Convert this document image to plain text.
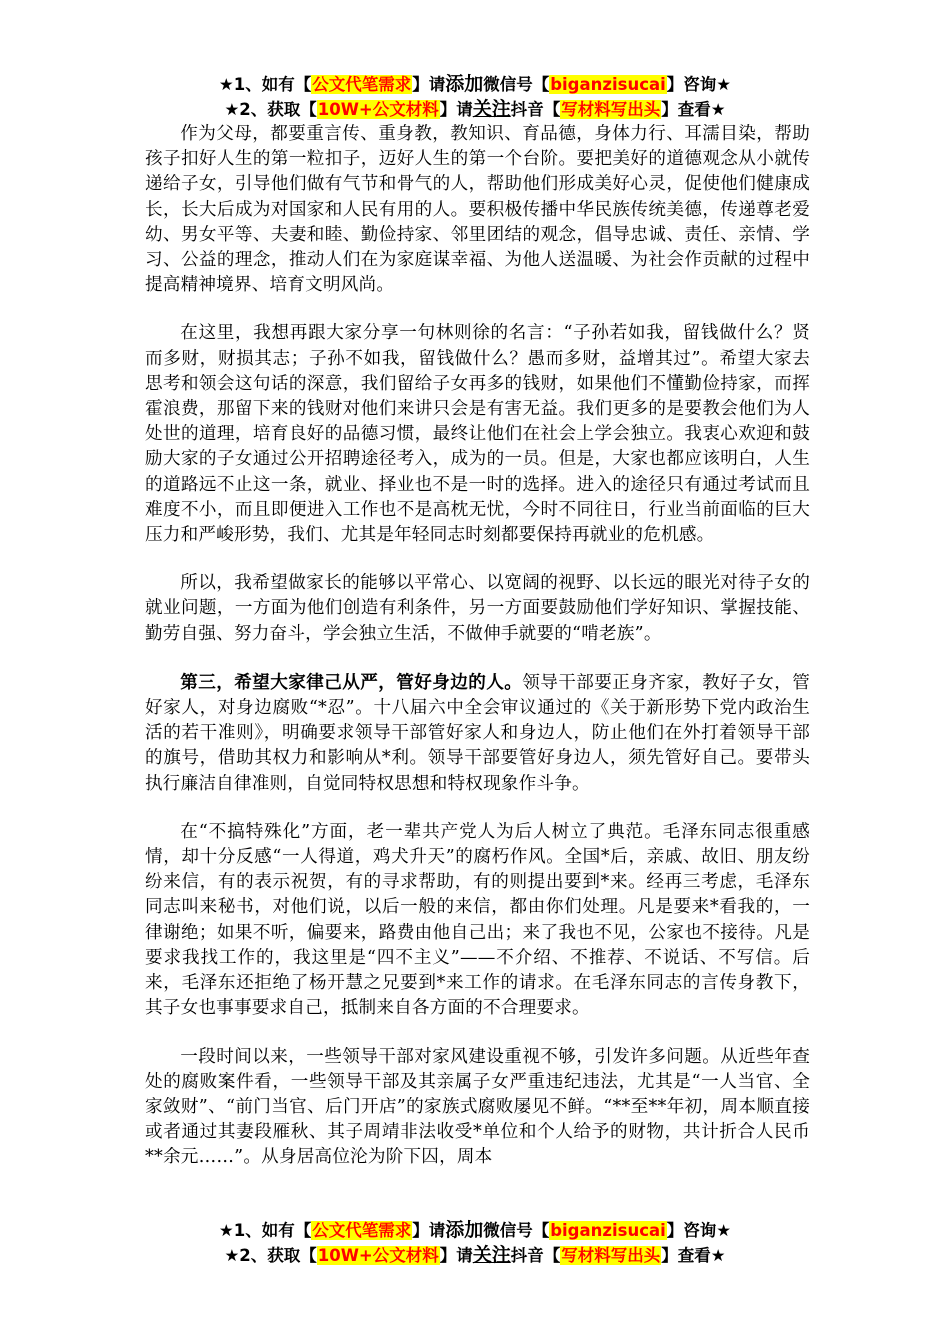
★1、如有【公文代笔需求】请添加微信号【biganzisucai】咨询★
★2、获取【10W+公文材料】请关注抖音【写材料写出头】查看★

作为父母，都要重言传、重身教，教知识、育品德，身体力行、耳濡目染，帮助孩子扣好人生的第一粒扣子，迈好人生的第一个台阶。要把美好的道德观念从小就传递给子女，引导他们做有气节和骨气的人，帮助他们形成美好心灵，促使他们健康成长，长大后成为对国家和人民有用的人。要积极传播中华民族传统美德，传递尊老爱幼、男女平等、夫妻和睦、勤俭持家、邻里团结的观念，倡导忠诚、责任、亲情、学习、公益的理念，推动人们在为家庭谋幸福、为他人送温暖、为社会作贡献的过程中提高精神境界、培育文明风尚。

在这里，我想再跟大家分享一句林则徐的名言：“子孙若如我，留钱做什么？贤而多财，财损其志；子孙不如我，留钱做什么？愚而多财，益增其过”。希望大家去思考和领会这句话的深意，我们留给子女再多的钱财，如果他们不懂勤俭持家，而挥霍浪费，那留下来的钱财对他们来讲只会是有害无益。我们更多的是要教会他们为人处世的道理，培育良好的品德习惯，最终让他们在社会上学会独立。我衷心欢迎和鼓励大家的子女通过公开招聘途径考入，成为的一员。但是，大家也都应该明白，人生的道路远不止这一条，就业、择业也不是一时的选择。进入的途径只有通过考试而且难度不小，而且即便进入工作也不是高枕无忧，今时不同往日，行业当前面临的巨大压力和严峻形势，我们、尤其是年轻同志时刻都要保持再就业的危机感。

所以，我希望做家长的能够以平常心、以宽阔的视野、以长远的眼光对待子女的就业问题，一方面为他们创造有利条件，另一方面要鼓励他们学好知识、掌握技能、勤劳自强、努力奋斗，学会独立生活，不做伸手就要的“啃老族”。

第三，希望大家律己从严，管好身边的人。领导干部要正身齐家，教好子女，管好家人，对身边腐败“*忍”。十八届六中全会审议通过的《关于新形势下党内政治生活的若干准则》，明确要求领导干部管好家人和身边人，防止他们在外打着领导干部的旗号，借助其权力和影响从*利。领导干部要管好身边人，须先管好自己。要带头执行廉洁自律准则，自觉同特权思想和特权现象作斗争。

在“不搞特殊化”方面，老一辈共产党人为后人树立了典范。毛泽东同志很重感情，却十分反感“一人得道，鸡犬升天”的腐朽作风。全国*后，亲戚、故旧、朋友纷纷来信，有的表示祝贺，有的寻求帮助，有的则提出要到*来。经再三考虑，毛泽东同志叫来秘书，对他们说，以后一般的来信，都由你们处理。凡是要来*看我的，一律谢绝；如果不听，偏要来，路费由他自己出；来了我也不见，公家也不接待。凡是要求我找工作的，我这里是“四不主义”——不介绍、不推荐、不说话、不写信。后来，毛泽东还拒绝了杨开慧之兄要到*来工作的请求。在毛泽东同志的言传身教下，其子女也事事要求自己，抵制来自各方面的不合理要求。

一段时间以来，一些领导干部对家风建设重视不够，引发许多问题。从近些年查处的腐败案件看，一些领导干部及其亲属子女严重违纪违法，尤其是“一人当官、全家敛财”、“前门当官、后门开店”的家族式腐败屡见不鲜。“**至**年初，周本顺直接或者通过其妻段雁秋、其子周靖非法收受*单位和个人给予的财物，共计折合人民币**余元……”。从身居高位沦为阶下囚，周本

★1、如有【公文代笔需求】请添加微信号【biganzisucai】咨询★
★2、获取【10W+公文材料】请关注抖音【写材料写出头】查看★
